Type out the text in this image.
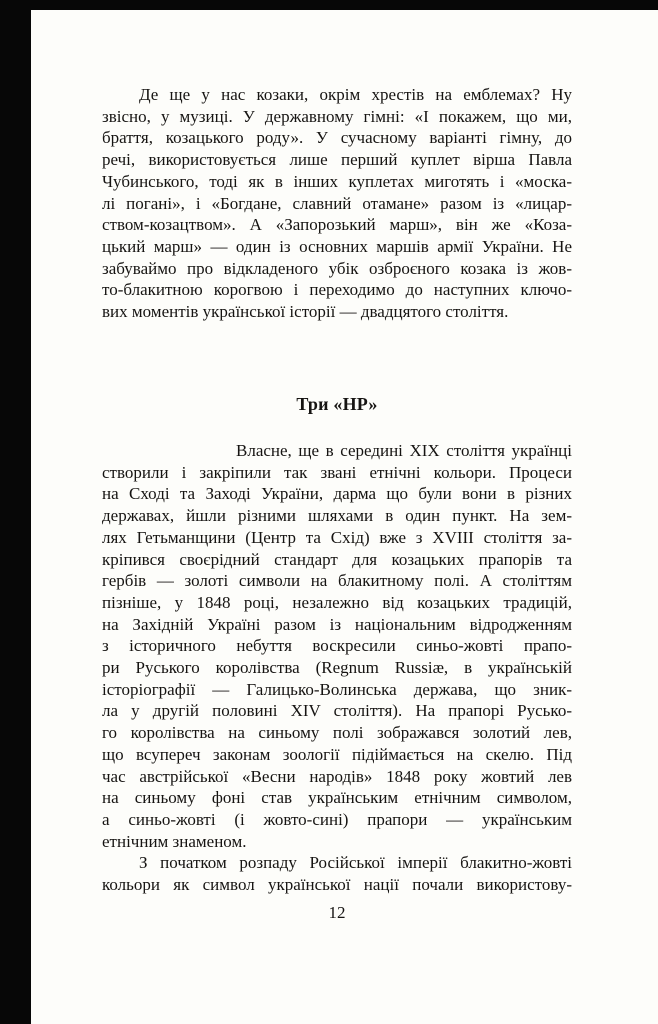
Де ще у нас козаки, окрім хрестів на емблемах? Ну
звісно, у музиці. У державному гімні: «І покажем, що ми,
браття, козацького роду». У сучасному варіанті гімну, до
речі, використовується лише перший куплет вірша Павла
Чубинського, тоді як в інших куплетах миготять і «моска-
лі погані», і «Богдане, славний отамане» разом із «лицар-
ством-козацтвом». А «Запорозький марш», він же «Коза-
цький марш» — один із основних маршів армії України. Не
забуваймо про відкладеного убік озброєного козака із жов-
то-блакитною корогвою і переходимо до наступних ключо-
вих моментів української історії — двадцятого століття.
Три «НР»
Власне, ще в середині XIX століття українці
створили і закріпили так звані етнічні кольори. Процеси
на Сході та Заході України, дарма що були вони в різних
державах, йшли різними шляхами в один пункт. На зем-
лях Гетьманщини (Центр та Схід) вже з XVIII століття за-
кріпився своєрідний стандарт для козацьких прапорів та
гербів — золоті символи на блакитному полі. А століттям
пізніше, у 1848 році, незалежно від козацьких традицій,
на Західній Україні разом із національним відродженням
з історичного небуття воскресили синьо-жовті прапо-
ри Руського королівства (Regnum Russiæ, в українській
історіографії — Галицько-Волинська держава, що зник-
ла у другій половині XIV століття). На прапорі Русько-
го королівства на синьому полі зображався золотий лев,
що всупереч законам зоології підіймається на скелю. Під
час австрійської «Весни народів» 1848 року жовтий лев
на синьому фоні став українським етнічним символом,
а синьо-жовті (і жовто-сині) прапори — українським
етнічним знаменом.
З початком розпаду Російської імперії блакитно-жовті
кольори як символ української нації почали використову-
12
